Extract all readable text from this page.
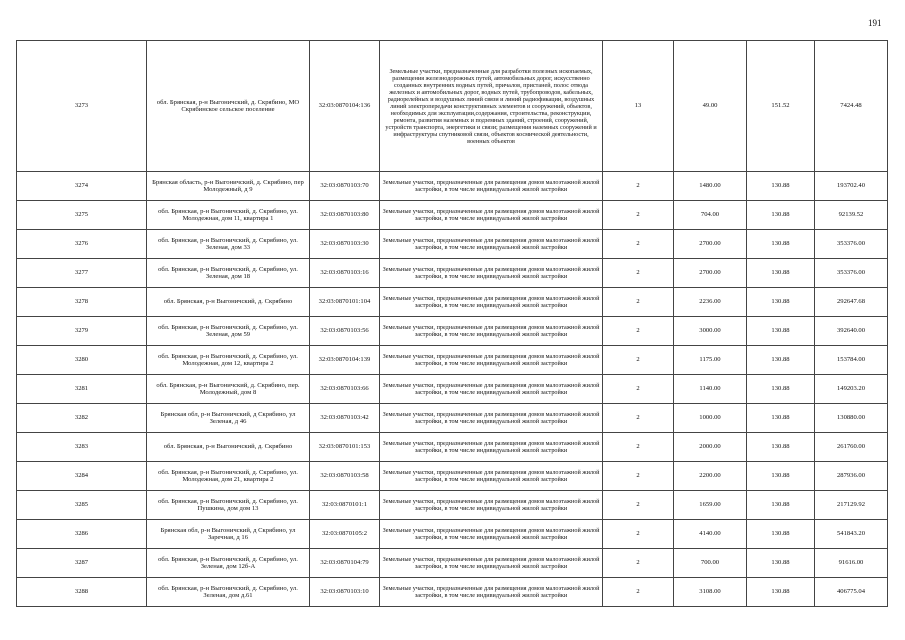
191
3273	обл. Брянская, р-н Выгоничский, д. Скрябино, МО Скрябинское сельское поселение	32:03:0870104:136	Земельные участки, предназначенные для разработки полезных ископаемых, размещения железнодорожных путей, автомобильных дорог, искусственно созданных внутренних водных путей, причалов, пристаней, полос отвода железных и автомобильных дорог, водных путей, трубопроводов, кабельных, радиорелейных и воздушных линий связи и линий радиофикации, воздушных линий электропередачи конструктивных элементов и сооружений, объектов, необходимых для эксплуатации,содержания, строительства, реконструкции, ремонта, развития наземных и подземных зданий, строений, сооружений, устройств транспорта, энергетики и связи; размещения наземных сооружений и инфраструктуры спутниковой связи, объектов космической деятельности, военных объектов	13	49.00	151.52	7424.48
3274	Брянская область, р-н Выгоничский, д. Скрябино, пер Молодежный, д 9	32:03:0870103:70	Земельные участки, предназначенные для размещения домов малоэтажной жилой застройки, в том числе индивидуальной жилой застройки	2	1480.00	130.88	193702.40
3275	обл. Брянская, р-н Выгоничский, д. Скрябино, ул. Молодежная, дом 11, квартира 1	32:03:0870103:80	Земельные участки, предназначенные для размещения домов малоэтажной жилой застройки, в том числе индивидуальной жилой застройки	2	704.00	130.88	92139.52
3276	обл. Брянская, р-н Выгоничский, д. Скрябино, ул. Зеленая, дом 33	32:03:0870103:30	Земельные участки, предназначенные для размещения домов малоэтажной жилой застройки, в том числе индивидуальной жилой застройки	2	2700.00	130.88	353376.00
3277	обл. Брянская, р-н Выгоничский, д. Скрябино, ул. Зеленая, дом 18	32:03:0870103:16	Земельные участки, предназначенные для размещения домов малоэтажной жилой застройки, в том числе индивидуальной жилой застройки	2	2700.00	130.88	353376.00
3278	обл. Брянская, р-н Выгоничский, д. Скрябино	32:03:0870101:104	Земельные участки, предназначенные для размещения домов малоэтажной жилой застройки, в том числе индивидуальной жилой застройки	2	2236.00	130.88	292647.68
3279	обл. Брянская, р-н Выгоничский, д. Скрябино, ул. Зеленая, дом 59	32:03:0870103:56	Земельные участки, предназначенные для размещения домов малоэтажной жилой застройки, в том числе индивидуальной жилой застройки	2	3000.00	130.88	392640.00
3280	обл. Брянская, р-н Выгоничский, д. Скрябино, ул. Молодежная, дом 12, квартира 2	32:03:0870104:139	Земельные участки, предназначенные для размещения домов малоэтажной жилой застройки, в том числе индивидуальной жилой застройки	2	1175.00	130.88	153784.00
3281	обл. Брянская, р-н Выгоничский, д. Скрябино, пер. Молодежный, дом 8	32:03:0870103:66	Земельные участки, предназначенные для размещения домов малоэтажной жилой застройки, в том числе индивидуальной жилой застройки	2	1140.00	130.88	149203.20
3282	Брянская обл, р-н Выгоничский, д Скрябино, ул Зеленая, д 46	32:03:0870103:42	Земельные участки, предназначенные для размещения домов малоэтажной жилой застройки, в том числе индивидуальной жилой застройки	2	1000.00	130.88	130880.00
3283	обл. Брянская, р-н Выгоничский, д. Скрябино	32:03:0870101:153	Земельные участки, предназначенные для размещения домов малоэтажной жилой застройки, в том числе индивидуальной жилой застройки	2	2000.00	130.88	261760.00
3284	обл. Брянская, р-н Выгоничский, д. Скрябино, ул. Молодежная, дом 21, квартира 2	32:03:0870103:58	Земельные участки, предназначенные для размещения домов малоэтажной жилой застройки, в том числе индивидуальной жилой застройки	2	2200.00	130.88	287936.00
3285	обл. Брянская, р-н Выгоничский, д. Скрябино, ул. Пушкина, дом дом 13	32:03:0870101:1	Земельные участки, предназначенные для размещения домов малоэтажной жилой застройки, в том числе индивидуальной жилой застройки	2	1659.00	130.88	217129.92
3286	Брянская обл, р-н Выгоничский, д Скрябино, ул Заречная, д 16	32:03:0870105:2	Земельные участки, предназначенные для размещения домов малоэтажной жилой застройки, в том числе индивидуальной жилой застройки	2	4140.00	130.88	541843.20
3287	обл. Брянская, р-н Выгоничский, д. Скрябино, ул. Зеленая, дом 12б-А	32:03:0870104:79	Земельные участки, предназначенные для размещения домов малоэтажной жилой застройки, в том числе индивидуальной жилой застройки	2	700.00	130.88	91616.00
3288	обл. Брянская, р-н Выгоничский, д. Скрябино, ул. Зеленая, дом д.61	32:03:0870103:10	Земельные участки, предназначенные для размещения домов малоэтажной жилой застройки, в том числе индивидуальной жилой застройки	2	3108.00	130.88	406775.04
